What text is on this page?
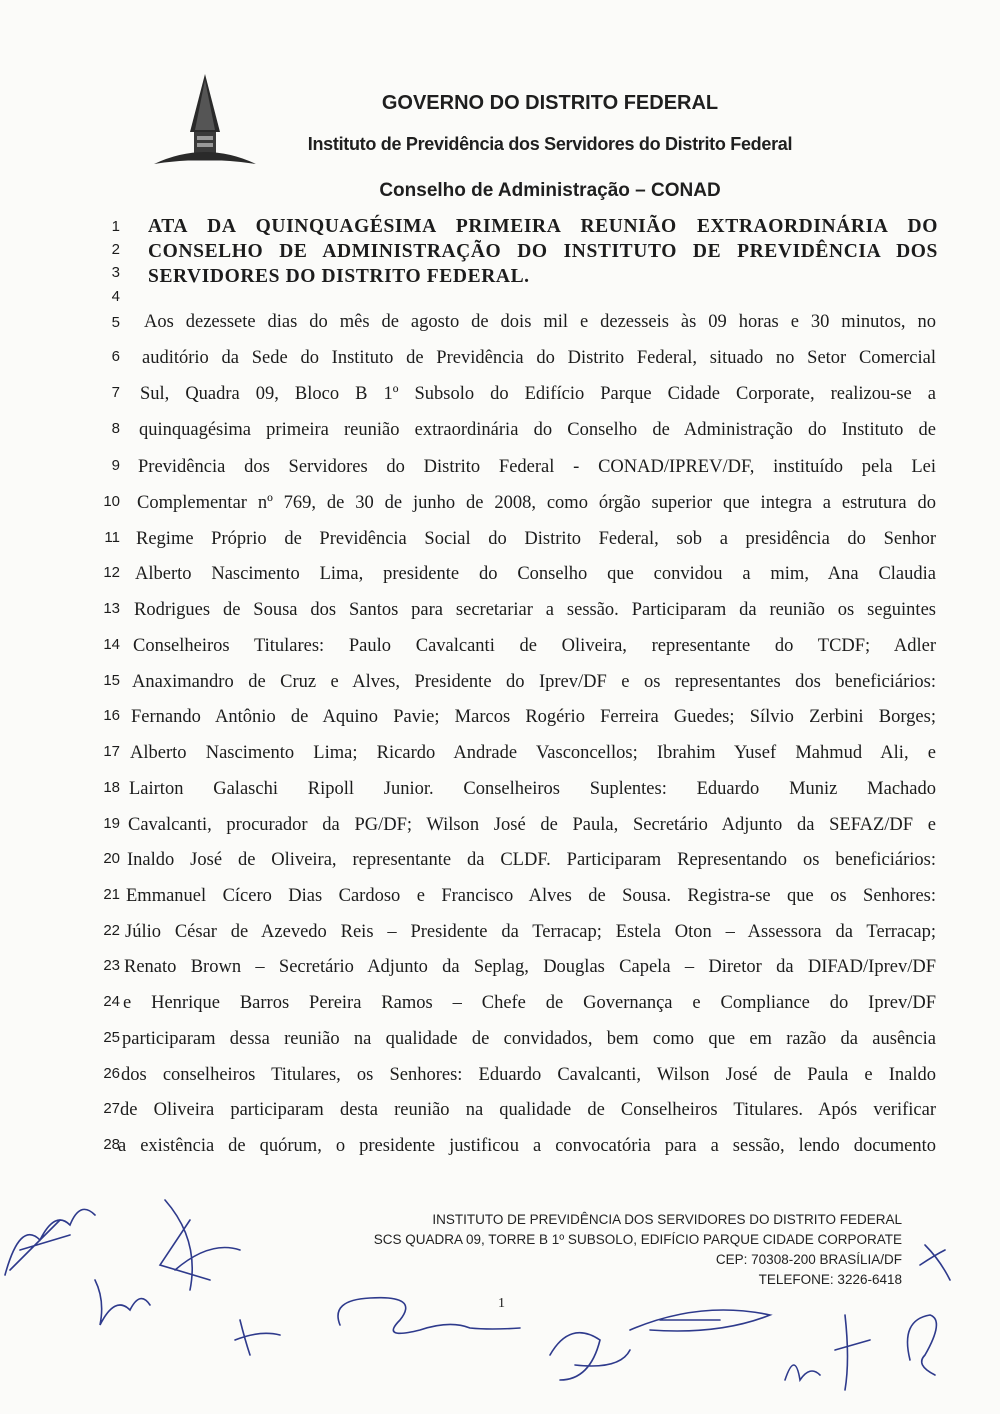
GOVERNO DO DISTRITO FEDERAL
Instituto de Previdência dos Servidores do Distrito Federal
Conselho de Administração – CONAD
1
2
3
4
5
6
7
8
9
10
11
12
13
14
15
16
17
18
19
20
21
22
23
24
25
26
27
28
ATA DA QUINQUAGÉSIMA PRIMEIRA REUNIÃO EXTRAORDINÁRIA DO
CONSELHO DE ADMINISTRAÇÃO DO INSTITUTO DE PREVIDÊNCIA DOS
SERVIDORES DO DISTRITO FEDERAL.
Aos dezessete dias do mês de agosto de dois mil e dezesseis às 09 horas e 30 minutos, no
auditório da Sede do Instituto de Previdência do Distrito Federal, situado no Setor Comercial
Sul, Quadra 09, Bloco B 1º Subsolo do Edifício Parque Cidade Corporate, realizou-se a
quinquagésima primeira reunião extraordinária do Conselho de Administração do Instituto de
Previdência dos Servidores do Distrito Federal - CONAD/IPREV/DF, instituído pela Lei
Complementar nº 769, de 30 de junho de 2008, como órgão superior que integra a estrutura do
Regime Próprio de Previdência Social do Distrito Federal, sob a presidência do Senhor
Alberto Nascimento Lima, presidente do Conselho que convidou a mim, Ana Claudia
Rodrigues de Sousa dos Santos para secretariar a sessão. Participaram da reunião os seguintes
Conselheiros Titulares: Paulo Cavalcanti de Oliveira, representante do TCDF; Adler
Anaximandro de Cruz e Alves, Presidente do Iprev/DF e os representantes dos beneficiários:
Fernando Antônio de Aquino Pavie; Marcos Rogério Ferreira Guedes; Sílvio Zerbini Borges;
Alberto Nascimento Lima; Ricardo Andrade Vasconcellos; Ibrahim Yusef Mahmud Ali, e
Lairton Galaschi Ripoll Junior. Conselheiros Suplentes: Eduardo Muniz Machado
Cavalcanti, procurador da PG/DF; Wilson José de Paula, Secretário Adjunto da SEFAZ/DF e
Inaldo José de Oliveira, representante da CLDF. Participaram Representando os beneficiários:
Emmanuel Cícero Dias Cardoso e Francisco Alves de Sousa. Registra-se que os Senhores:
Júlio César de Azevedo Reis – Presidente da Terracap; Estela Oton – Assessora da Terracap;
Renato Brown – Secretário Adjunto da Seplag, Douglas Capela – Diretor da DIFAD/Iprev/DF
e Henrique Barros Pereira Ramos – Chefe de Governança e Compliance do Iprev/DF
participaram dessa reunião na qualidade de convidados, bem como que em razão da ausência
dos conselheiros Titulares, os Senhores: Eduardo Cavalcanti, Wilson José de Paula e Inaldo
de Oliveira participaram desta reunião na qualidade de Conselheiros Titulares. Após verificar
a existência de quórum, o presidente justificou a convocatória para a sessão, lendo documento
INSTITUTO DE PREVIDÊNCIA DOS SERVIDORES DO DISTRITO FEDERAL
SCS QUADRA 09, TORRE B 1º SUBSOLO, EDIFÍCIO PARQUE CIDADE CORPORATE
CEP: 70308-200 BRASÍLIA/DF
TELEFONE: 3226-6418
1
